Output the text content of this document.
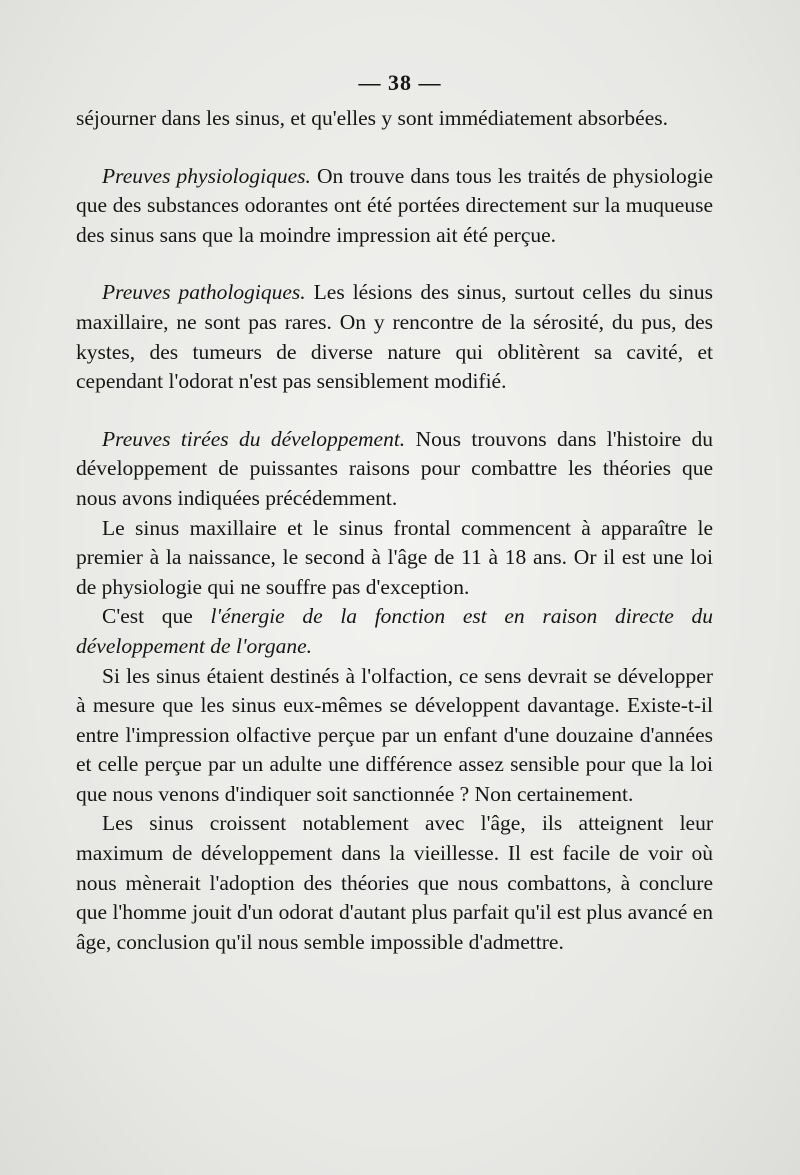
— 38 —

séjourner dans les sinus, et qu'elles y sont immédiatement absorbées.

Preuves physiologiques. On trouve dans tous les traités de physiologie que des substances odorantes ont été portées directement sur la muqueuse des sinus sans que la moindre impression ait été perçue.

Preuves pathologiques. Les lésions des sinus, surtout celles du sinus maxillaire, ne sont pas rares. On y rencontre de la sérosité, du pus, des kystes, des tumeurs de diverse nature qui oblitèrent sa cavité, et cependant l'odorat n'est pas sensiblement modifié.

Preuves tirées du développement. Nous trouvons dans l'histoire du développement de puissantes raisons pour combattre les théories que nous avons indiquées précédemment.

Le sinus maxillaire et le sinus frontal commencent à apparaître le premier à la naissance, le second à l'âge de 11 à 18 ans. Or il est une loi de physiologie qui ne souffre pas d'exception.

C'est que l'énergie de la fonction est en raison directe du développement de l'organe.

Si les sinus étaient destinés à l'olfaction, ce sens devrait se développer à mesure que les sinus eux-mêmes se développent davantage. Existe-t-il entre l'impression olfactive perçue par un enfant d'une douzaine d'années et celle perçue par un adulte une différence assez sensible pour que la loi que nous venons d'indiquer soit sanctionnée ? Non certainement.

Les sinus croissent notablement avec l'âge, ils atteignent leur maximum de développement dans la vieillesse. Il est facile de voir où nous mènerait l'adoption des théories que nous combattons, à conclure que l'homme jouit d'un odorat d'autant plus parfait qu'il est plus avancé en âge, conclusion qu'il nous semble impossible d'admettre.
